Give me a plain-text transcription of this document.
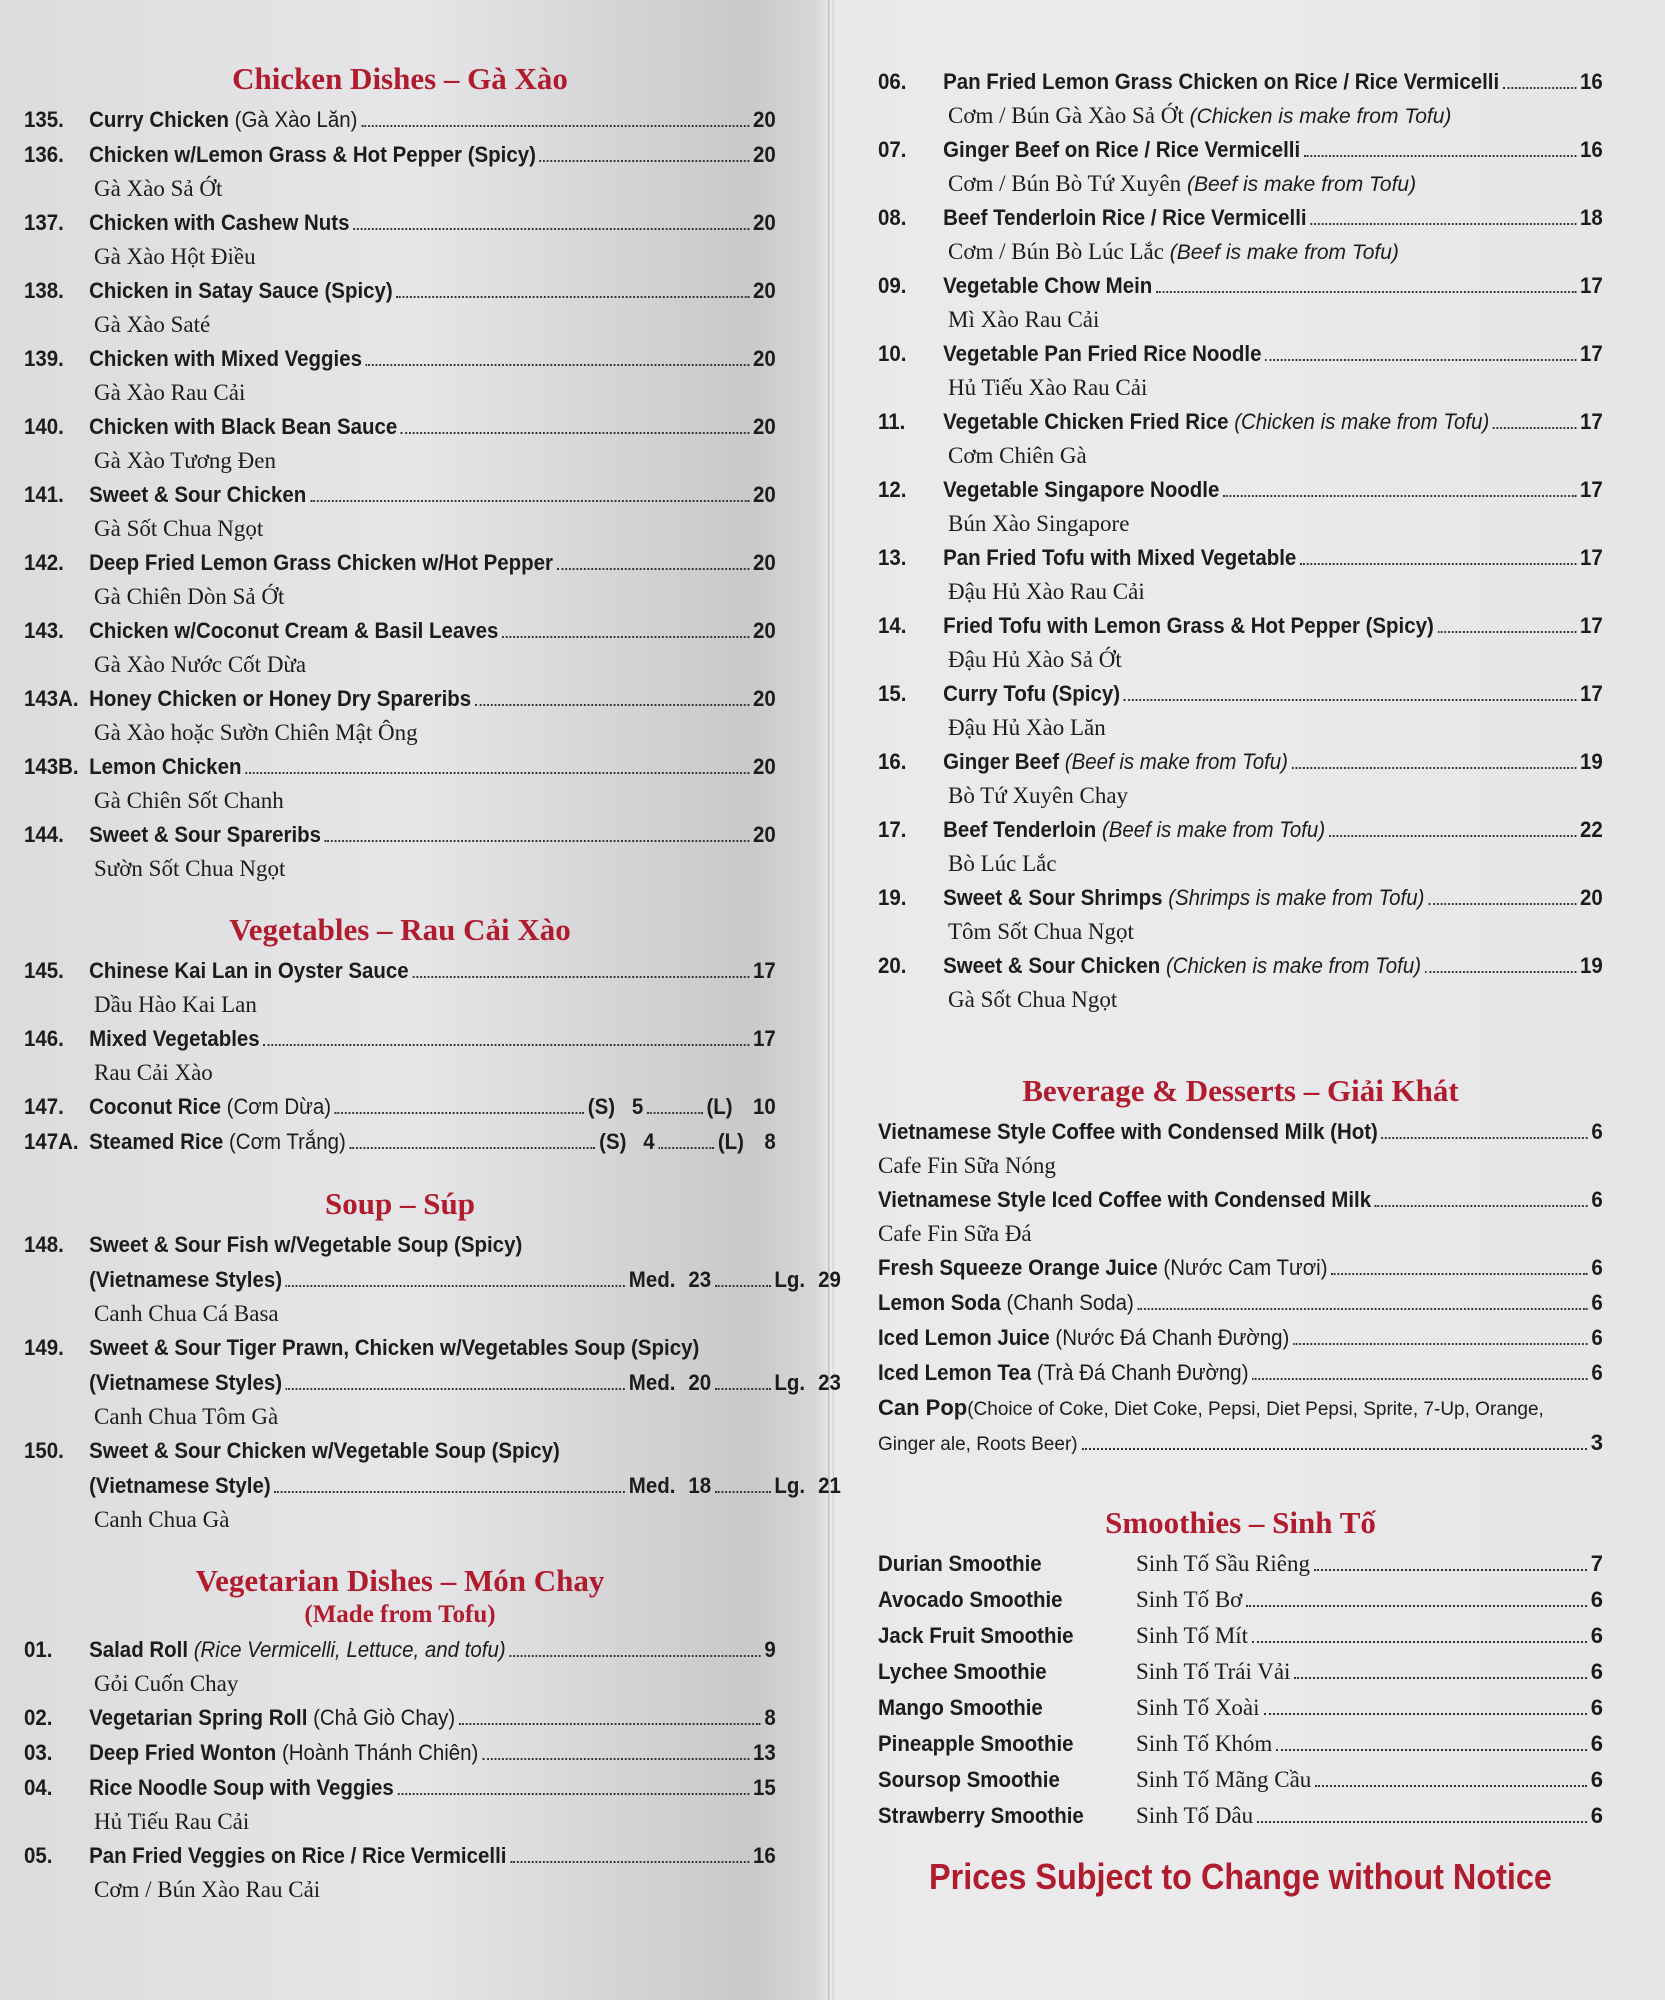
Chicken Dishes – Gà Xào
135.	Curry Chicken (Gà Xào Lăn)	20
136.	Chicken w/Lemon Grass & Hot Pepper (Spicy)	20
Gà Xào Sả Ớt
137.	Chicken with Cashew Nuts	20
Gà Xào Hột Điều
138.	Chicken in Satay Sauce (Spicy)	20
Gà Xào Saté
139.	Chicken with Mixed Veggies	20
Gà Xào Rau Cải
140.	Chicken with Black Bean Sauce	20
Gà Xào Tương Đen
141.	Sweet & Sour Chicken	20
Gà Sốt Chua Ngọt
142.	Deep Fried Lemon Grass Chicken w/Hot Pepper	20
Gà Chiên Dòn Sả Ớt
143.	Chicken w/Coconut Cream & Basil Leaves	20
Gà Xào Nước Cốt Dừa
143A. Honey Chicken or Honey Dry Spareribs	20
Gà Xào hoặc Sườn Chiên Mật Ông
143B. Lemon Chicken	20
Gà Chiên Sốt Chanh
144.	Sweet & Sour Spareribs	20
Sườn Sốt Chua Ngọt
Vegetables – Rau Cải Xào
145.	Chinese Kai Lan in Oyster Sauce	17
Dầu Hào Kai Lan
146.	Mixed Vegetables	17
Rau Cải Xào
147.	Coconut Rice (Cơm Dừa)	(S) 5	(L) 10
147A. Steamed Rice (Cơm Trắng)	(S) 4	(L) 8
Soup – Súp
148.	Sweet & Sour Fish w/Vegetable Soup (Spicy)
(Vietnamese Styles)	Med. 23	Lg. 29
Canh Chua Cá Basa
149.	Sweet & Sour Tiger Prawn, Chicken w/Vegetables Soup (Spicy)
(Vietnamese Styles)	Med. 20	Lg. 23
Canh Chua Tôm Gà
150.	Sweet & Sour Chicken w/Vegetable Soup (Spicy)
(Vietnamese Style)	Med. 18	Lg. 21
Canh Chua Gà
Vegetarian Dishes – Món Chay
(Made from Tofu)
01.	Salad Roll (Rice Vermicelli, Lettuce, and tofu)	9
Gỏi Cuốn Chay
02.	Vegetarian Spring Roll (Chả Giò Chay)	8
03.	Deep Fried Wonton (Hoành Thánh Chiên)	13
04.	Rice Noodle Soup with Veggies	15
Hủ Tiếu Rau Cải
05.	Pan Fried Veggies on Rice / Rice Vermicelli	16
Cơm / Bún Xào Rau Cải
06.	Pan Fried Lemon Grass Chicken on Rice / Rice Vermicelli	16
Cơm / Bún Gà Xào Sả Ớt (Chicken is make from Tofu)
07.	Ginger Beef on Rice / Rice Vermicelli	16
Cơm / Bún Bò Tứ Xuyên (Beef is make from Tofu)
08.	Beef Tenderloin Rice / Rice Vermicelli	18
Cơm / Bún Bò Lúc Lắc (Beef is make from Tofu)
09.	Vegetable Chow Mein	17
Mì Xào Rau Cải
10.	Vegetable Pan Fried Rice Noodle	17
Hủ Tiếu Xào Rau Cải
11.	Vegetable Chicken Fried Rice (Chicken is make from Tofu)	17
Cơm Chiên Gà
12.	Vegetable Singapore Noodle	17
Bún Xào Singapore
13.	Pan Fried Tofu with Mixed Vegetable	17
Đậu Hủ Xào Rau Cải
14.	Fried Tofu with Lemon Grass & Hot Pepper (Spicy)	17
Đậu Hủ Xào Sả Ớt
15.	Curry Tofu (Spicy)	17
Đậu Hủ Xào Lăn
16.	Ginger Beef (Beef is make from Tofu)	19
Bò Tứ Xuyên Chay
17.	Beef Tenderloin (Beef is make from Tofu)	22
Bò Lúc Lắc
19.	Sweet & Sour Shrimps (Shrimps is make from Tofu)	20
Tôm Sốt Chua Ngọt
20.	Sweet & Sour Chicken (Chicken is make from Tofu)	19
Gà Sốt Chua Ngọt
Beverage & Desserts – Giải Khát
Vietnamese Style Coffee with Condensed Milk (Hot)	6
Cafe Fin Sữa Nóng
Vietnamese Style Iced Coffee with Condensed Milk	6
Cafe Fin Sữa Đá
Fresh Squeeze Orange Juice (Nước Cam Tươi)	6
Lemon Soda (Chanh Soda)	6
Iced Lemon Juice (Nước Đá Chanh Đường)	6
Iced Lemon Tea (Trà Đá Chanh Đường)	6
Can Pop (Choice of Coke, Diet Coke, Pepsi, Diet Pepsi, Sprite, 7-Up, Orange,
Ginger ale, Roots Beer)	3
Smoothies – Sinh Tố
Durian Smoothie	Sinh Tố Sầu Riêng	7
Avocado Smoothie	Sinh Tố Bơ	6
Jack Fruit Smoothie	Sinh Tố Mít	6
Lychee Smoothie	Sinh Tố Trái Vải	6
Mango Smoothie	Sinh Tố Xoài	6
Pineapple Smoothie	Sinh Tố Khóm	6
Soursop Smoothie	Sinh Tố Mãng Cầu	6
Strawberry Smoothie	Sinh Tố Dâu	6
Prices Subject to Change without Notice
